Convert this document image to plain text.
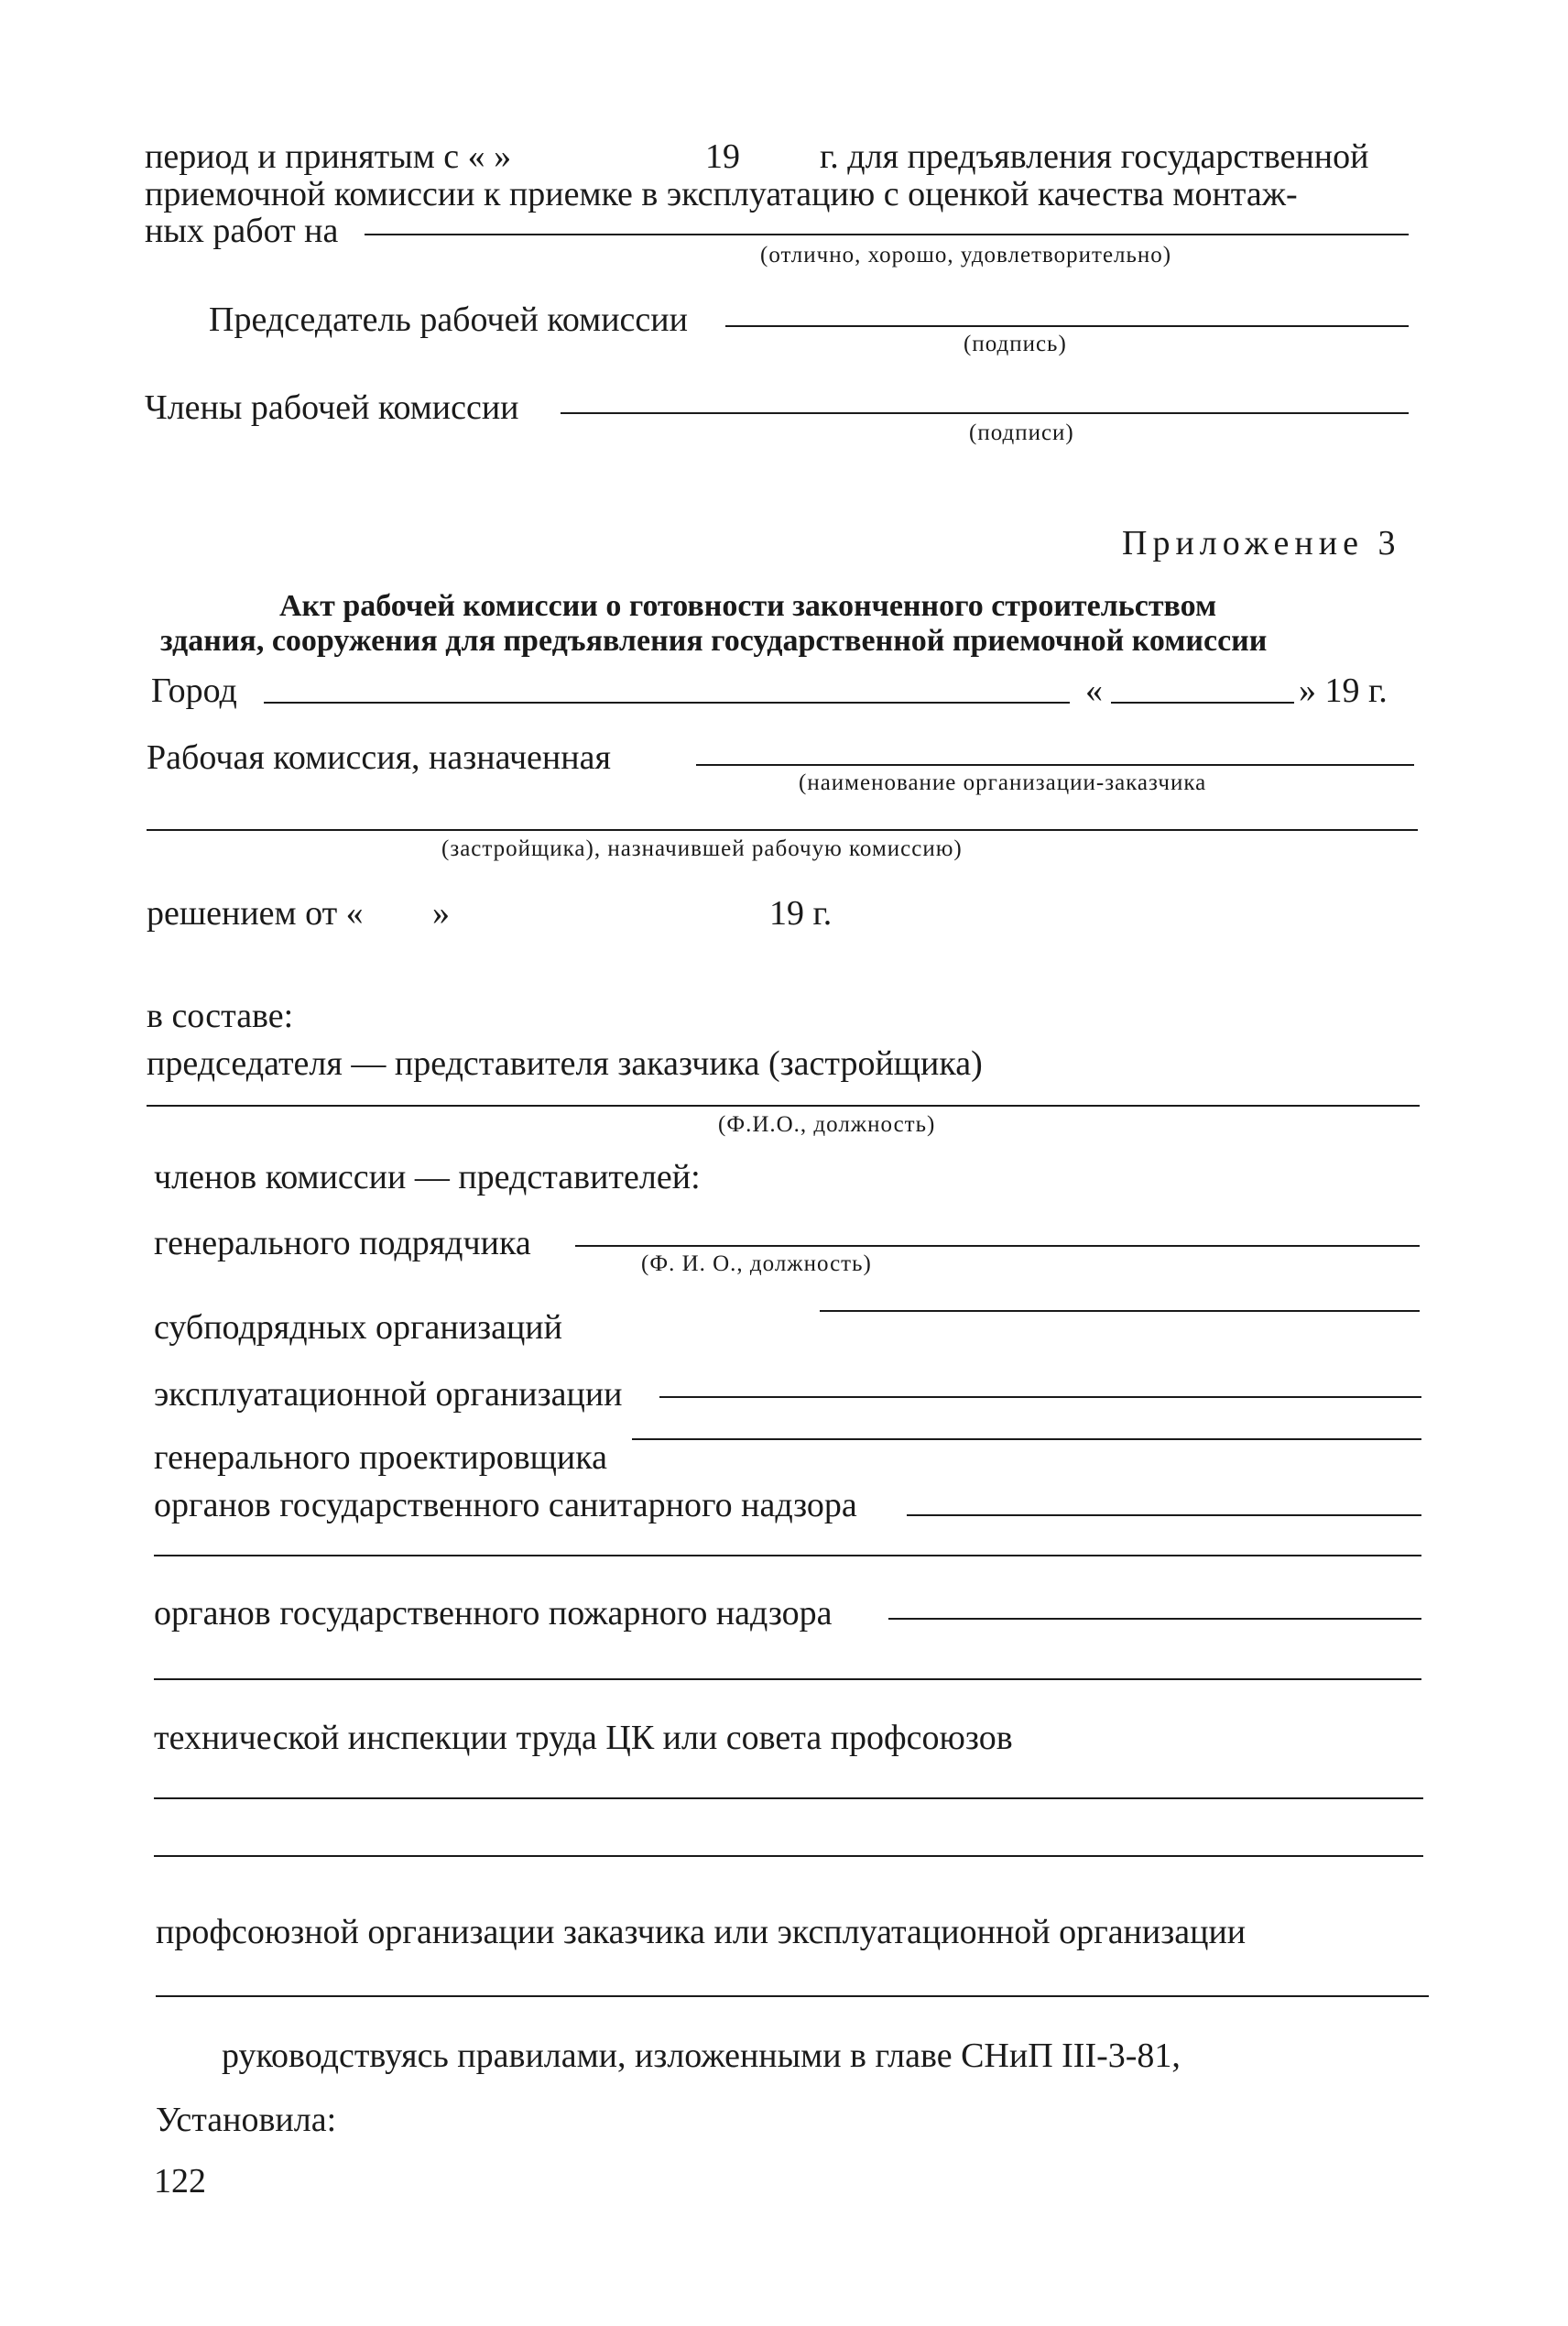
период и принятым с « »	19 г. для предъявления государственной
приемочной комиссии к приемке в эксплуатацию с оценкой качества монтаж-
ных работ на
(отлично, хорошо, удовлетворительно)
Председатель рабочей комиссии
(подпись)
Члены рабочей комиссии
(подписи)
Приложение 3
Акт рабочей комиссии о готовности законченного строительством
здания, сооружения для предъявления государственной приемочной комиссии
Город	«	» 19 г.
Рабочая комиссия, назначенная
(наименование организации-заказчика
(застройщика), назначившей рабочую комиссию)
решением от « »	19 г.
в составе:
председателя — представителя заказчика (застройщика)
(Ф.И.О., должность)
членов комиссии — представителей:
генерального подрядчика
(Ф. И. О., должность)
субподрядных организаций
эксплуатационной организации
генерального проектировщика
органов государственного санитарного надзора
органов государственного пожарного надзора
технической инспекции труда ЦК или совета профсоюзов
профсоюзной организации заказчика или эксплуатационной организации
руководствуясь правилами, изложенными в главе СНиП III-3-81,
Установила:
122
